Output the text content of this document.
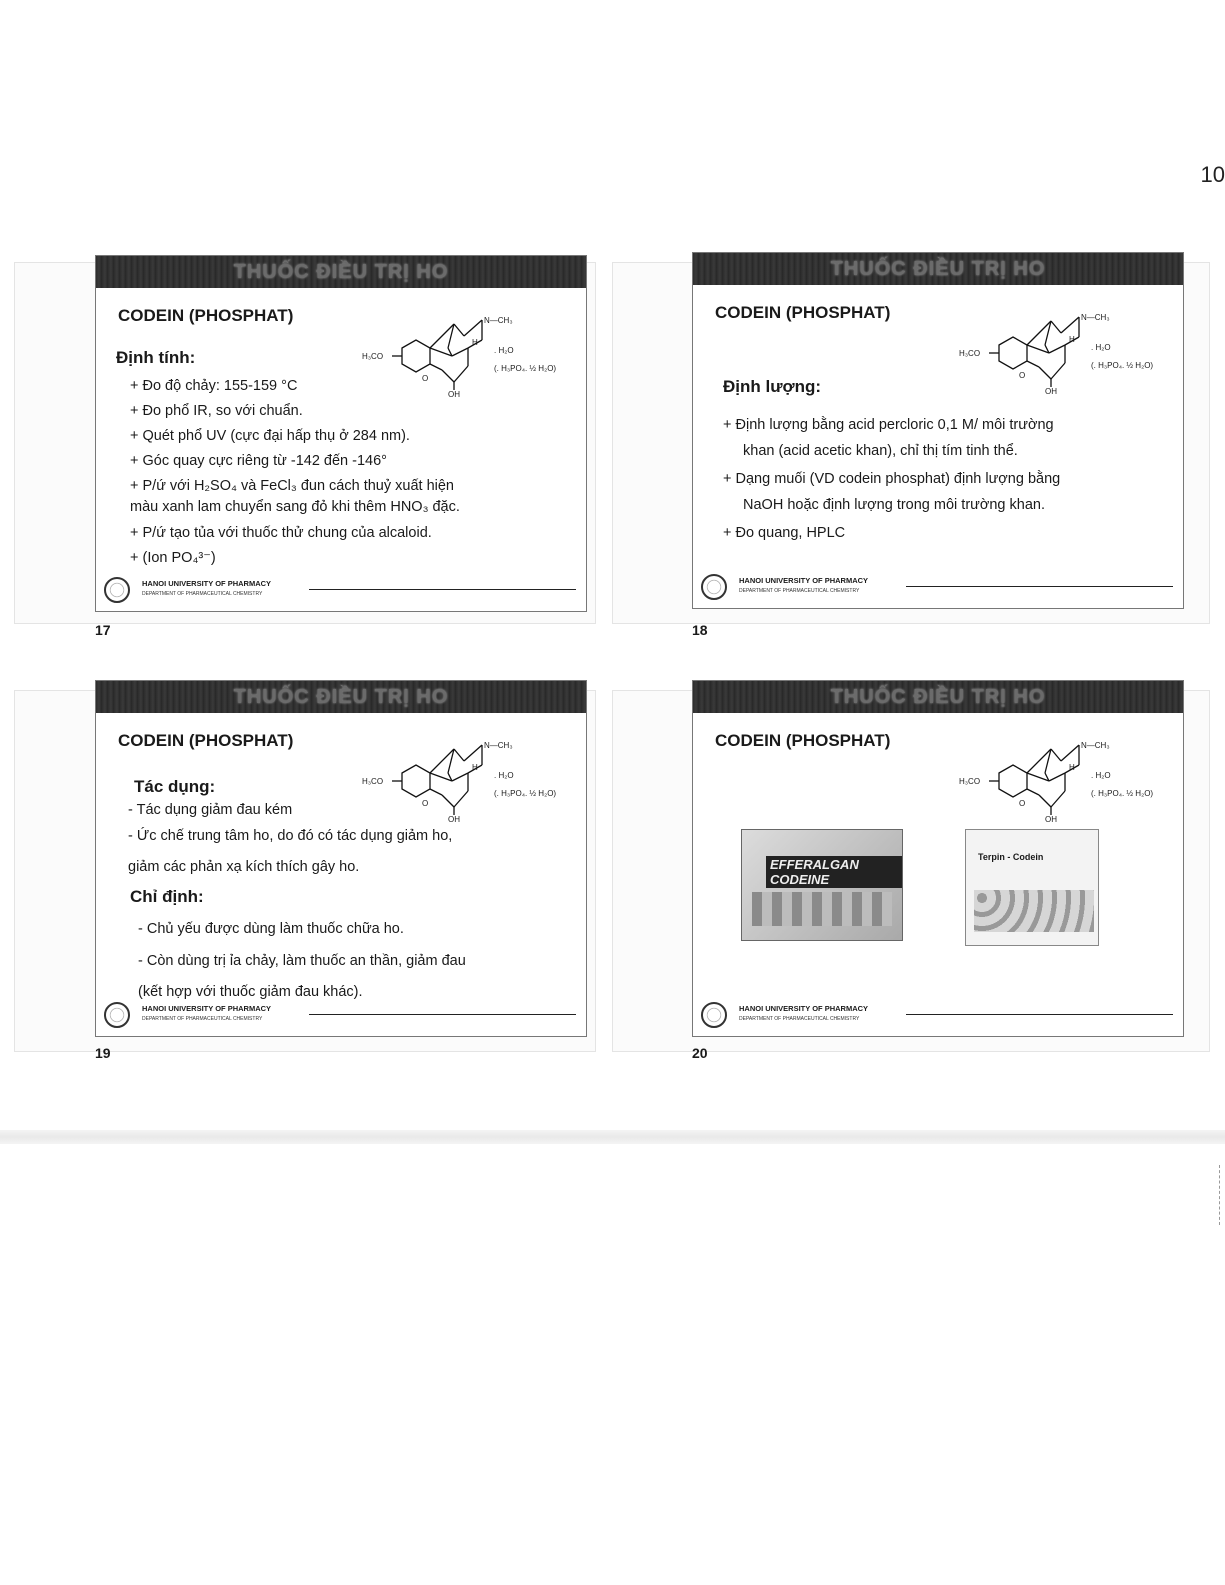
10
THUỐC ĐIỀU TRỊ HO
CODEIN (PHOSPHAT)	N—CH₃
H
H₃CO
O
OH
. H₂O
(. H₃PO₄. ½ H₂O)
Định tính:
+ Đo độ chảy: 155-159 °C
+ Đo phổ IR, so với chuẩn.
+ Quét phổ UV (cực đại hấp thụ ở 284 nm).
+ Góc quay cực riêng từ -142 đến -146°
+ P/ứ với H₂SO₄ và FeCl₃ đun cách thuỷ xuất hiện
màu xanh lam chuyển sang đỏ khi thêm HNO₃ đặc.
+ P/ứ tạo tủa với thuốc thử chung của alcaloid.
+ (Ion PO₄³⁻)
HANOI UNIVERSITY OF PHARMACY
DEPARTMENT OF PHARMACEUTICAL CHEMISTRY
17
THUỐC ĐIỀU TRỊ HO
CODEIN (PHOSPHAT)	N—CH₃
H
H₃CO
O
OH
. H₂O
(. H₃PO₄. ½ H₂O)
Định lượng:
+ Định lượng bằng acid percloric 0,1 M/ môi trường
khan (acid acetic khan), chỉ thị tím tinh thể.
+ Dạng muối (VD codein phosphat) định lượng bằng
NaOH hoặc định lượng trong môi trường khan.
+ Đo quang, HPLC
HANOI UNIVERSITY OF PHARMACY
DEPARTMENT OF PHARMACEUTICAL CHEMISTRY
18
THUỐC ĐIỀU TRỊ HO
CODEIN (PHOSPHAT)	N—CH₃
H
H₃CO
O
OH
. H₂O
(. H₃PO₄. ½ H₂O)
Tác dụng:
- Tác dụng giảm đau kém
- Ức chế trung tâm ho, do đó có tác dụng giảm ho,
giảm các phản xạ kích thích gây ho.
Chỉ định:
- Chủ yếu được dùng làm thuốc chữa ho.
- Còn dùng trị ỉa chảy, làm thuốc an thần, giảm đau
(kết hợp với thuốc giảm đau khác).
HANOI UNIVERSITY OF PHARMACY
DEPARTMENT OF PHARMACEUTICAL CHEMISTRY
19
THUỐC ĐIỀU TRỊ HO
CODEIN (PHOSPHAT)	N—CH₃
H
H₃CO
O
OH
. H₂O
(. H₃PO₄. ½ H₂O)
EFFERALGAN CODEINE
Terpin - Codein
HANOI UNIVERSITY OF PHARMACY
DEPARTMENT OF PHARMACEUTICAL CHEMISTRY
20
